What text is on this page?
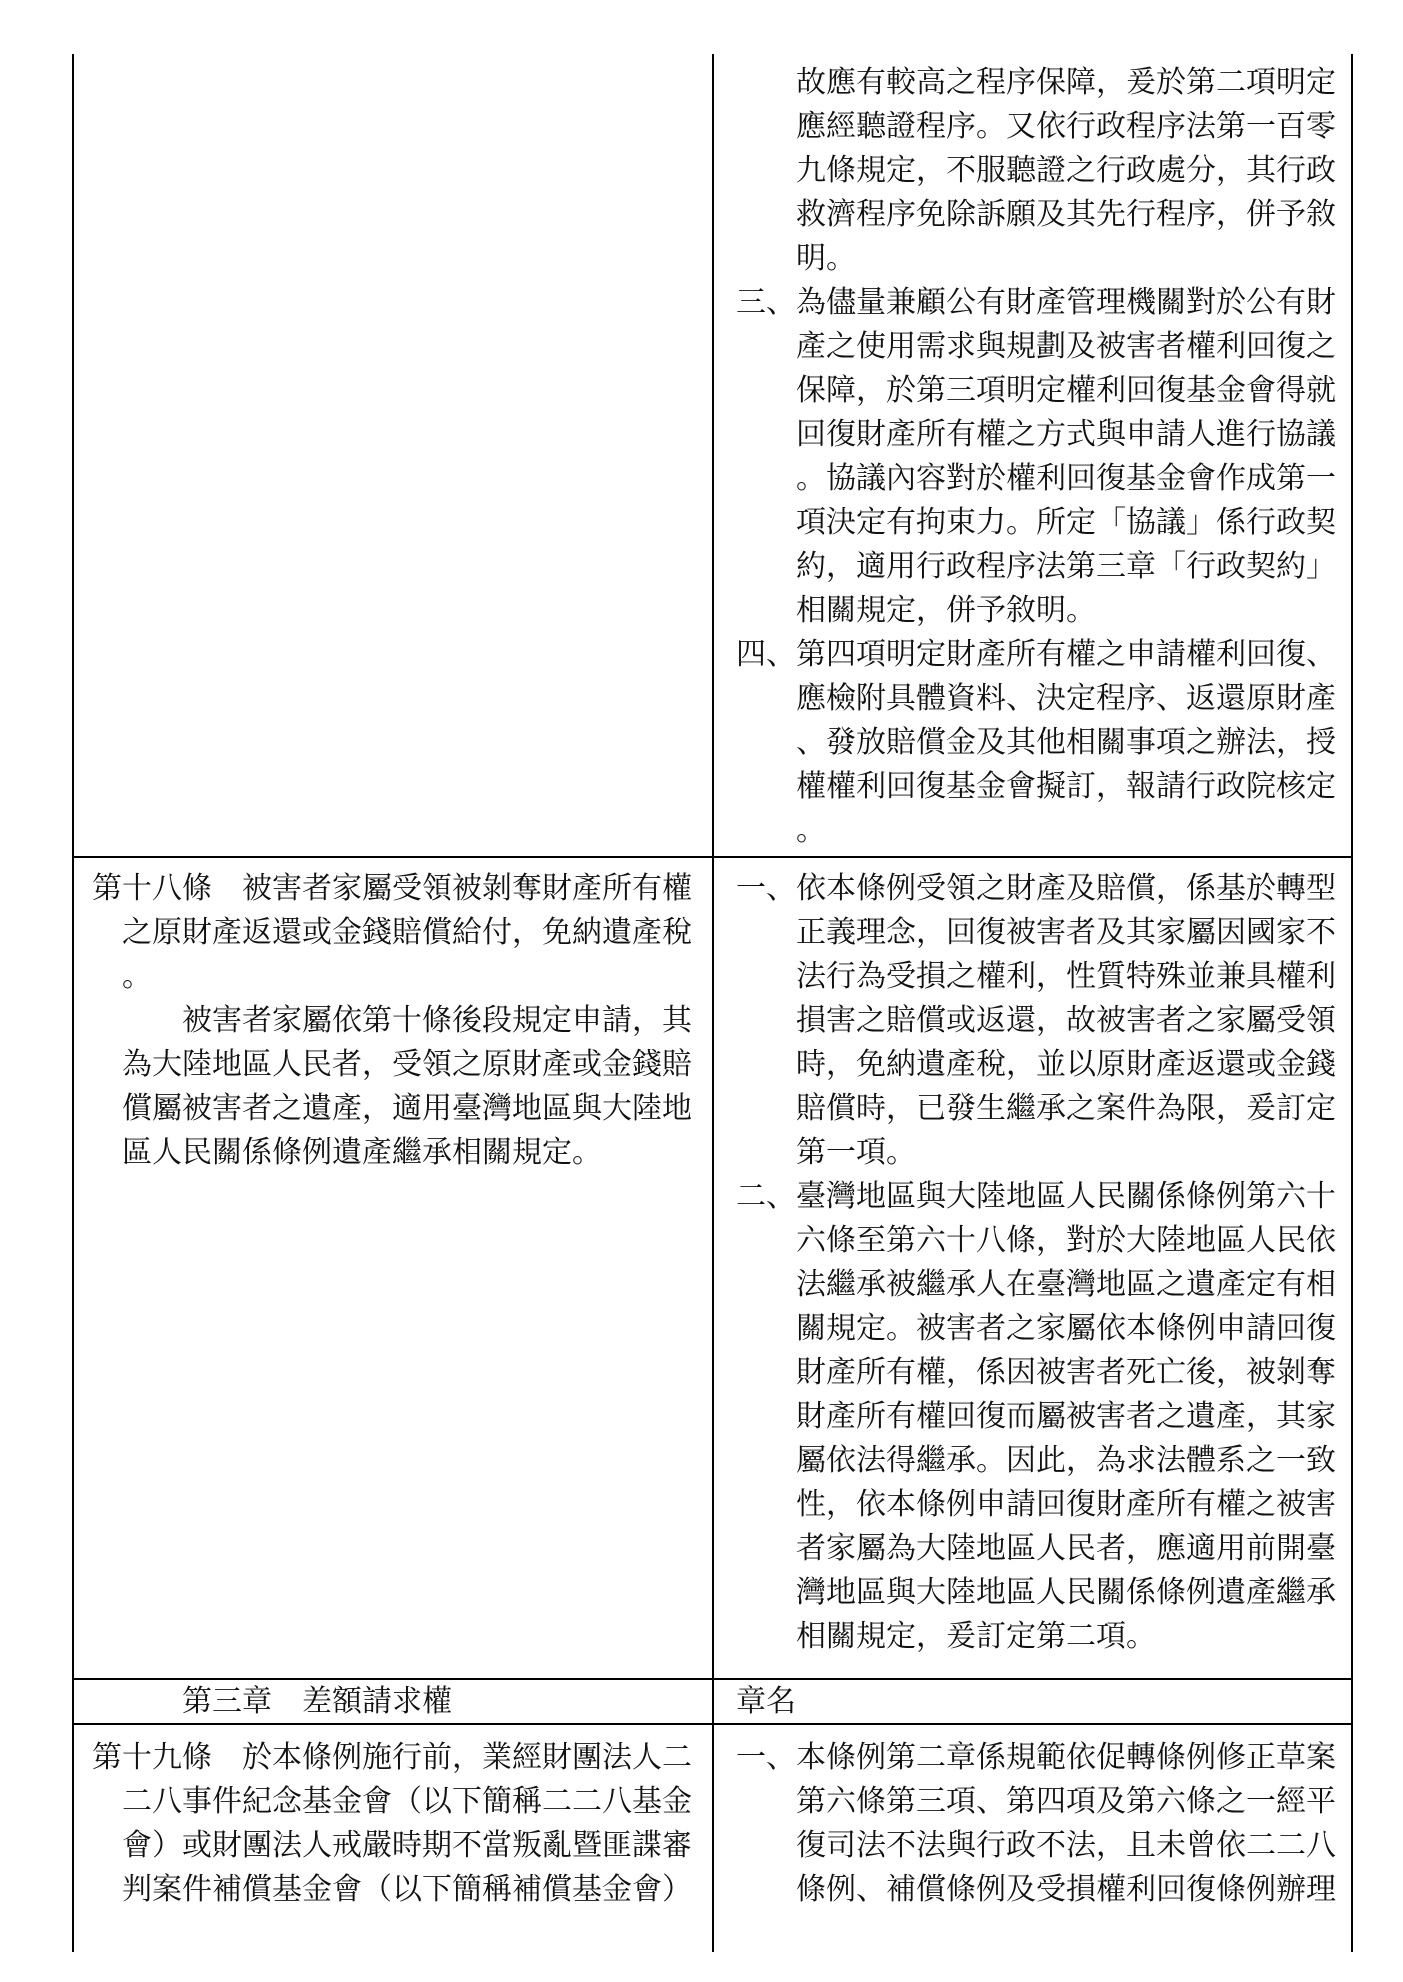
故應有較高之程序保障，爰於第二項明定
應經聽證程序。又依行政程序法第一百零
九條規定，不服聽證之行政處分，其行政
救濟程序免除訴願及其先行程序，併予敘
明。
三、 為儘量兼顧公有財產管理機關對於公有財
產之使用需求與規劃及被害者權利回復之
保障，於第三項明定權利回復基金會得就
回復財產所有權之方式與申請人進行協議
。協議內容對於權利回復基金會作成第一
項決定有拘束力。所定「協議」係行政契
約，適用行政程序法第三章「行政契約」
相關規定，併予敘明。
四、 第四項明定財產所有權之申請權利回復、
應檢附具體資料、決定程序、返還原財產
、發放賠償金及其他相關事項之辦法，授
權權利回復基金會擬訂，報請行政院核定
。
第十八條 被害者家屬受領被剝奪財產所有權
之原財產返還或金錢賠償給付，免納遺產稅
。
被害者家屬依第十條後段規定申請，其
為大陸地區人民者，受領之原財產或金錢賠
償屬被害者之遺產，適用臺灣地區與大陸地
區人民關係條例遺產繼承相關規定。
一、 依本條例受領之財產及賠償，係基於轉型
正義理念，回復被害者及其家屬因國家不
法行為受損之權利，性質特殊並兼具權利
損害之賠償或返還，故被害者之家屬受領
時，免納遺產稅，並以原財產返還或金錢
賠償時，已發生繼承之案件為限，爰訂定
第一項。
二、 臺灣地區與大陸地區人民關係條例第六十
六條至第六十八條，對於大陸地區人民依
法繼承被繼承人在臺灣地區之遺產定有相
關規定。被害者之家屬依本條例申請回復
財產所有權，係因被害者死亡後，被剝奪
財產所有權回復而屬被害者之遺產，其家
屬依法得繼承。因此，為求法體系之一致
性，依本條例申請回復財產所有權之被害
者家屬為大陸地區人民者，應適用前開臺
灣地區與大陸地區人民關係條例遺產繼承
相關規定，爰訂定第二項。
第三章 差額請求權	章名
第十九條 於本條例施行前，業經財團法人二
二八事件紀念基金會（以下簡稱二二八基金
會）或財團法人戒嚴時期不當叛亂暨匪諜審
判案件補償基金會（以下簡稱補償基金會）
一、 本條例第二章係規範依促轉條例修正草案
第六條第三項、第四項及第六條之一經平
復司法不法與行政不法，且未曾依二二八
條例、補償條例及受損權利回復條例辦理
